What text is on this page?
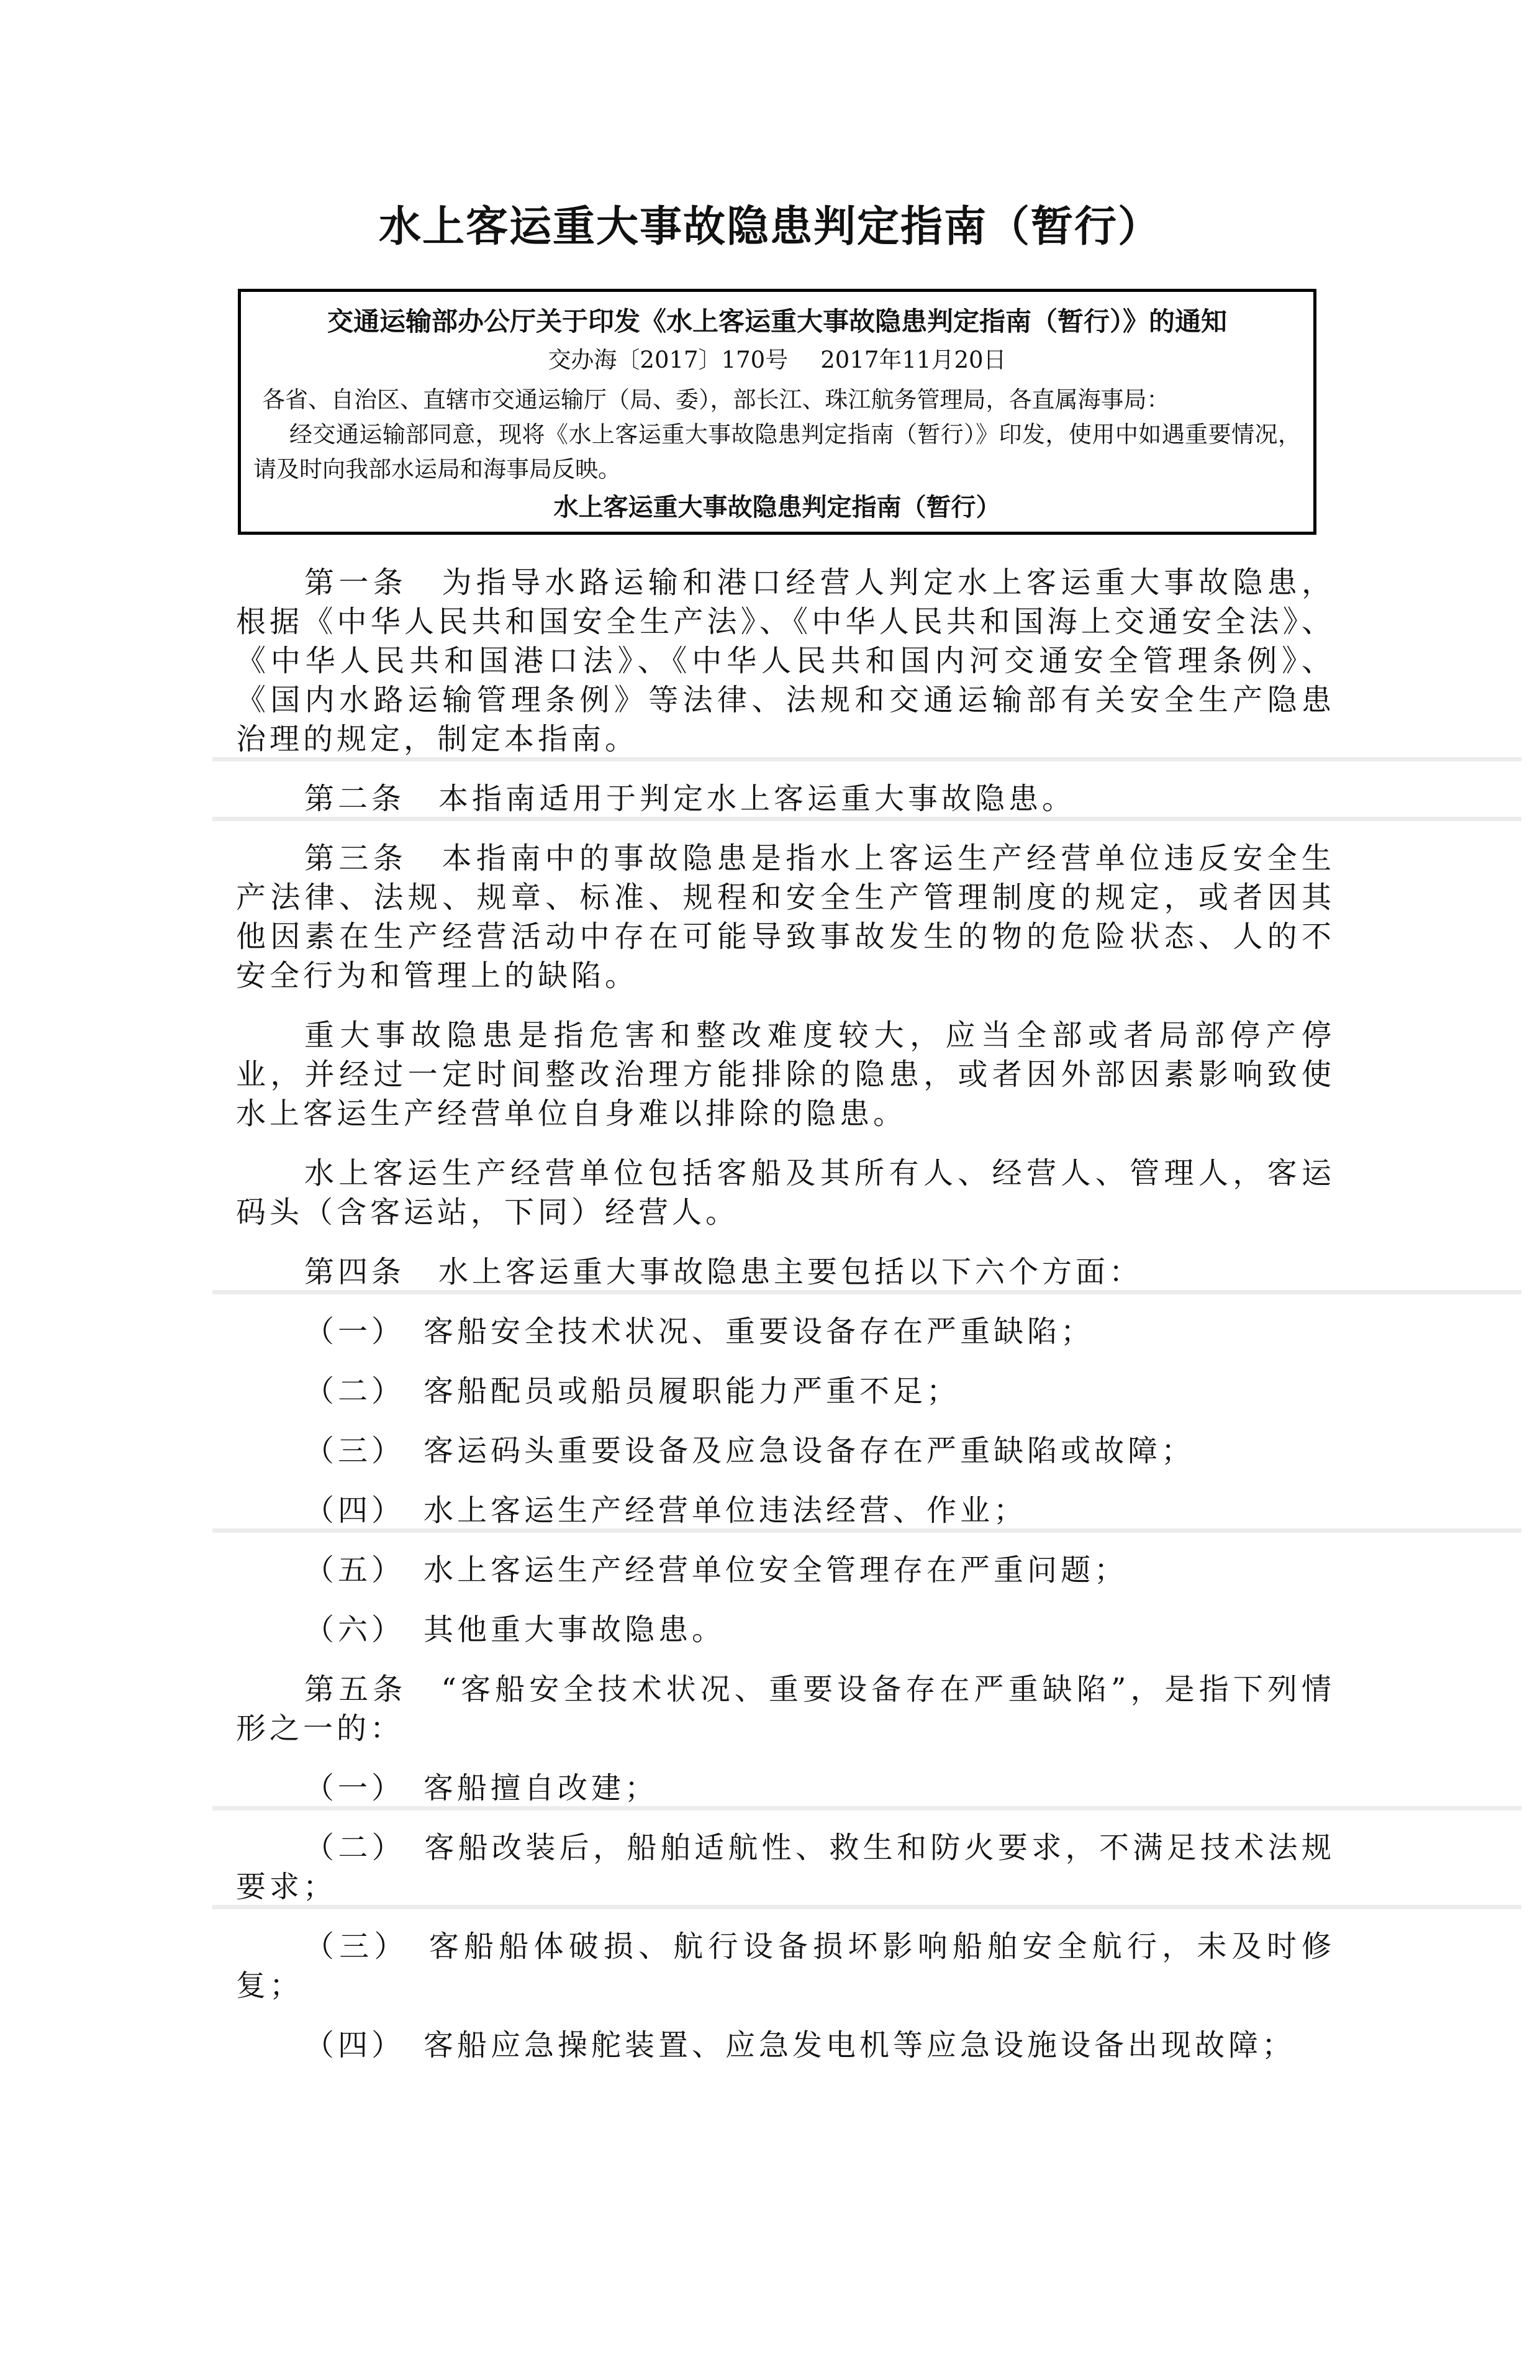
水上客运重大事故隐患判定指南（暂行）
交通运输部办公厅关于印发《水上客运重大事故隐患判定指南（暂行）》的通知
交办海〔2017〕170号 2017年11月20日
各省、自治区、直辖市交通运输厅（局、委），部长江、珠江航务管理局，各直属海事局：
经交通运输部同意，现将《水上客运重大事故隐患判定指南（暂行）》印发，使用中如遇重要情况，请及时向我部水运局和海事局反映。
水上客运重大事故隐患判定指南（暂行）

第一条　为指导水路运输和港口经营人判定水上客运重大事故隐患，根据《中华人民共和国安全生产法》、《中华人民共和国海上交通安全法》、《中华人民共和国港口法》、《中华人民共和国内河交通安全管理条例》、《国内水路运输管理条例》等法律、法规和交通运输部有关安全生产隐患治理的规定，制定本指南。

第二条　本指南适用于判定水上客运重大事故隐患。

第三条　本指南中的事故隐患是指水上客运生产经营单位违反安全生产法律、法规、规章、标准、规程和安全生产管理制度的规定，或者因其他因素在生产经营活动中存在可能导致事故发生的物的危险状态、人的不安全行为和管理上的缺陷。

重大事故隐患是指危害和整改难度较大，应当全部或者局部停产停业，并经过一定时间整改治理方能排除的隐患，或者因外部因素影响致使水上客运生产经营单位自身难以排除的隐患。

水上客运生产经营单位包括客船及其所有人、经营人、管理人，客运码头（含客运站，下同）经营人。

第四条　水上客运重大事故隐患主要包括以下六个方面：

（一）　客船安全技术状况、重要设备存在严重缺陷；

（二）　客船配员或船员履职能力严重不足；

（三）　客运码头重要设备及应急设备存在严重缺陷或故障；

（四）　水上客运生产经营单位违法经营、作业；

（五）　水上客运生产经营单位安全管理存在严重问题；

（六）　其他重大事故隐患。

第五条　“客船安全技术状况、重要设备存在严重缺陷”，是指下列情形之一的：

（一）　客船擅自改建；

（二）　客船改装后，船舶适航性、救生和防火要求，不满足技术法规要求；

（三）　客船船体破损、航行设备损坏影响船舶安全航行，未及时修复；

（四）　客船应急操舵装置、应急发电机等应急设施设备出现故障；
